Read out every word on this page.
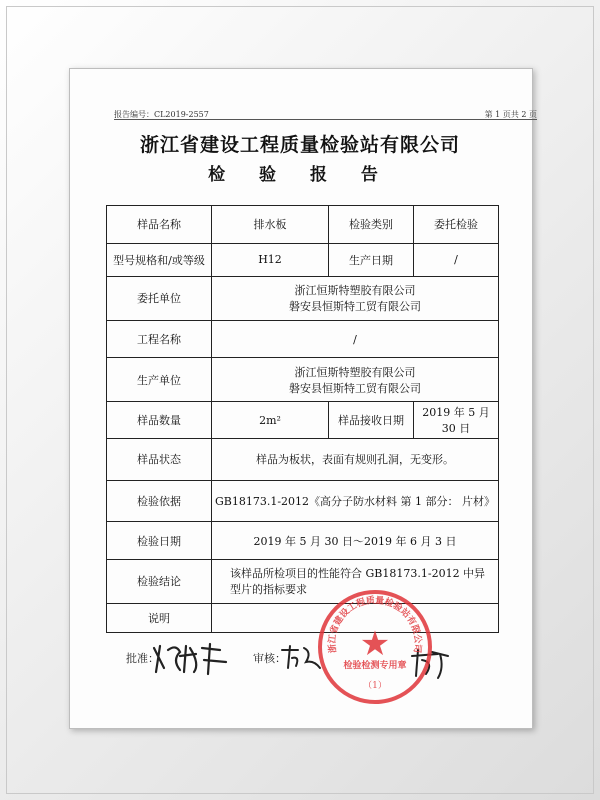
报告编号：CL2019-2557	第 1 页共 2 页
浙江省建设工程质量检验站有限公司
检 验 报 告
样品名称	排水板	检验类别	委托检验
型号规格和/或等级	H12	生产日期	/
委托单位	浙江恒斯特塑胶有限公司
磐安县恒斯特工贸有限公司		

工程名称	/		
生产单位	浙江恒斯特塑胶有限公司
磐安县恒斯特工贸有限公司		

样品数量	2m²	样品接收日期	2019 年 5 月 30 日
样品状态	样品为板状，表面有规则孔洞，无变形。		
检验依据	GB18173.1-2012《高分子防水材料 第 1 部分： 片材》		
检验日期	2019 年 5 月 30 日～2019 年 6 月 3 日		
检验结论	该样品所检项目的性能符合 GB18173.1-2012 中异型片的指标要求		
说明			
批准：	审核：
浙江省建设工程质量检验站有限公司
★
检验检测专用章
（1）
